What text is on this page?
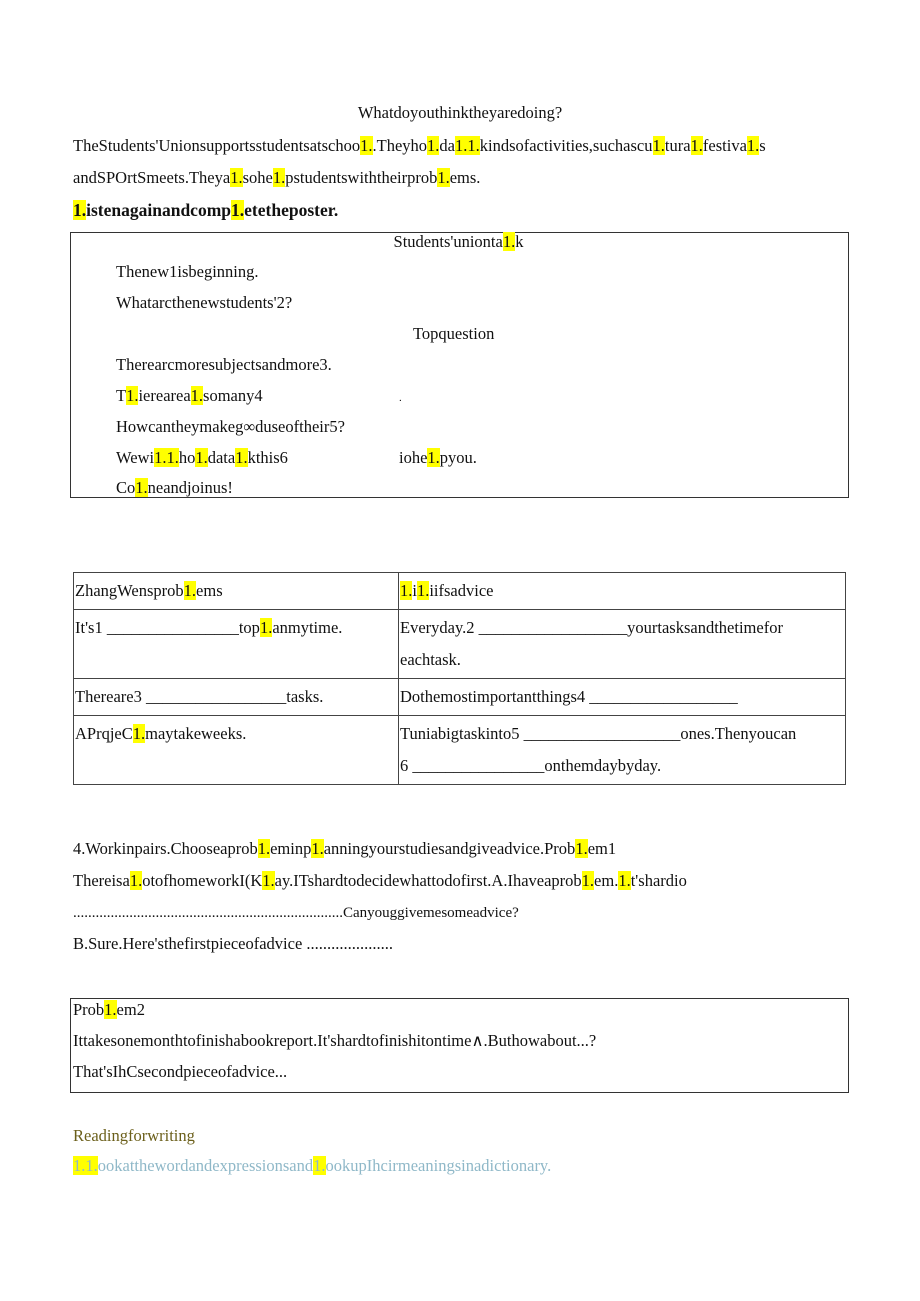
Whatdoyouthinktheyaredoing?
TheStudents'Unionsupportsstudentsatschoo1..Theyho1.da1.1.kindsofactivities,suchascu1.tura1.festiva1.s
andSPOrtSmeets.Theya1.sohe1.pstudentswiththeirprob1.ems.
1.istenagainandcomp1.etetheposter.
Students'unionta1.k
Thenew1isbeginning.
Whatarcthenewstudents'2?
Topquestion
Therearcmoresubjectsandmore3.
T1.ierearea1.somany4	.
Howcantheymakeg∞duseoftheir5?
Wewi1.1.ho1.data1.kthis6	iohe1.pyou.
Co1.neandjoinus!
ZhangWensprob1.ems	1.i1.iifsadvice
It's1 ________________top1.anmytime.	Everyday.2 __________________yourtasksandthetimefor
eachtask.

Thereare3 _________________tasks.	Dothemostimportantthings4 __________________
APrqjeC1.maytakeweeks.	Tuniabigtaskinto5 ___________________ones.Thenyoucan
6 ________________onthemdaybyday.
4.Workinpairs.Chooseaprob1.eminp1.anningyourstudiesandgiveadvice.Prob1.em1
Thereisa1.otofhomeworkI(K1.ay.ITshardtodecidewhattodofirst.A.Ihaveaprob1.em.1.t'shardio
........................................................................Canyouggivemesomeadvice?
B.Sure.Here'sthefirstpieceofadvice .....................
Prob1.em2
Ittakesonemonthtofinishabookreport.It'shardtofinishitontime∧.Buthowabout...?
That'sIhCsecondpieceofadvice...
Readingforwriting
1.1.ookatthewordandexpressionsand1.ookupIhcirmeaningsinadictionary.
